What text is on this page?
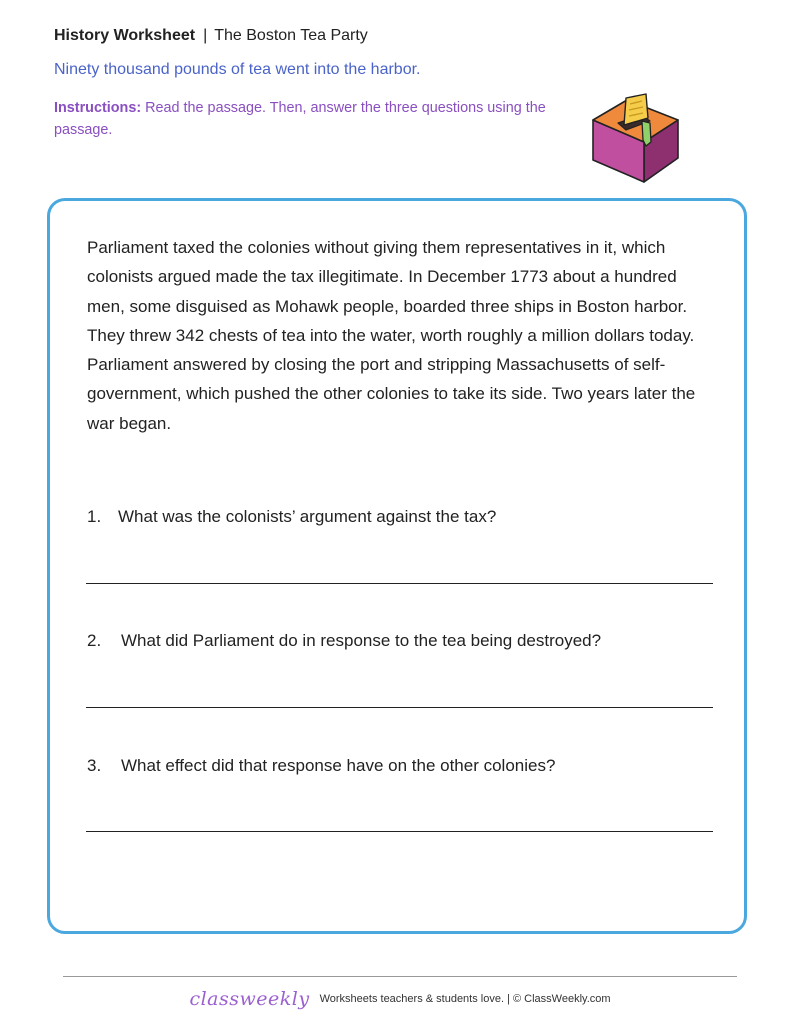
History Worksheet | The Boston Tea Party
Ninety thousand pounds of tea went into the harbor.
Instructions: Read the passage. Then, answer the three questions using the passage.

Parliament taxed the colonies without giving them representatives in it, which colonists argued made the tax illegitimate. In December 1773 about a hundred men, some disguised as Mohawk people, boarded three ships in Boston harbor. They threw 342 chests of tea into the water, worth roughly a million dollars today. Parliament answered by closing the port and stripping Massachusetts of self-government, which pushed the other colonies to take its side. Two years later the war began.

1. What was the colonists’ argument against the tax?
2. What did Parliament do in response to the tea being destroyed?
3. What effect did that response have on the other colonies?
classweekly Worksheets teachers & students love. | © ClassWeekly.com
